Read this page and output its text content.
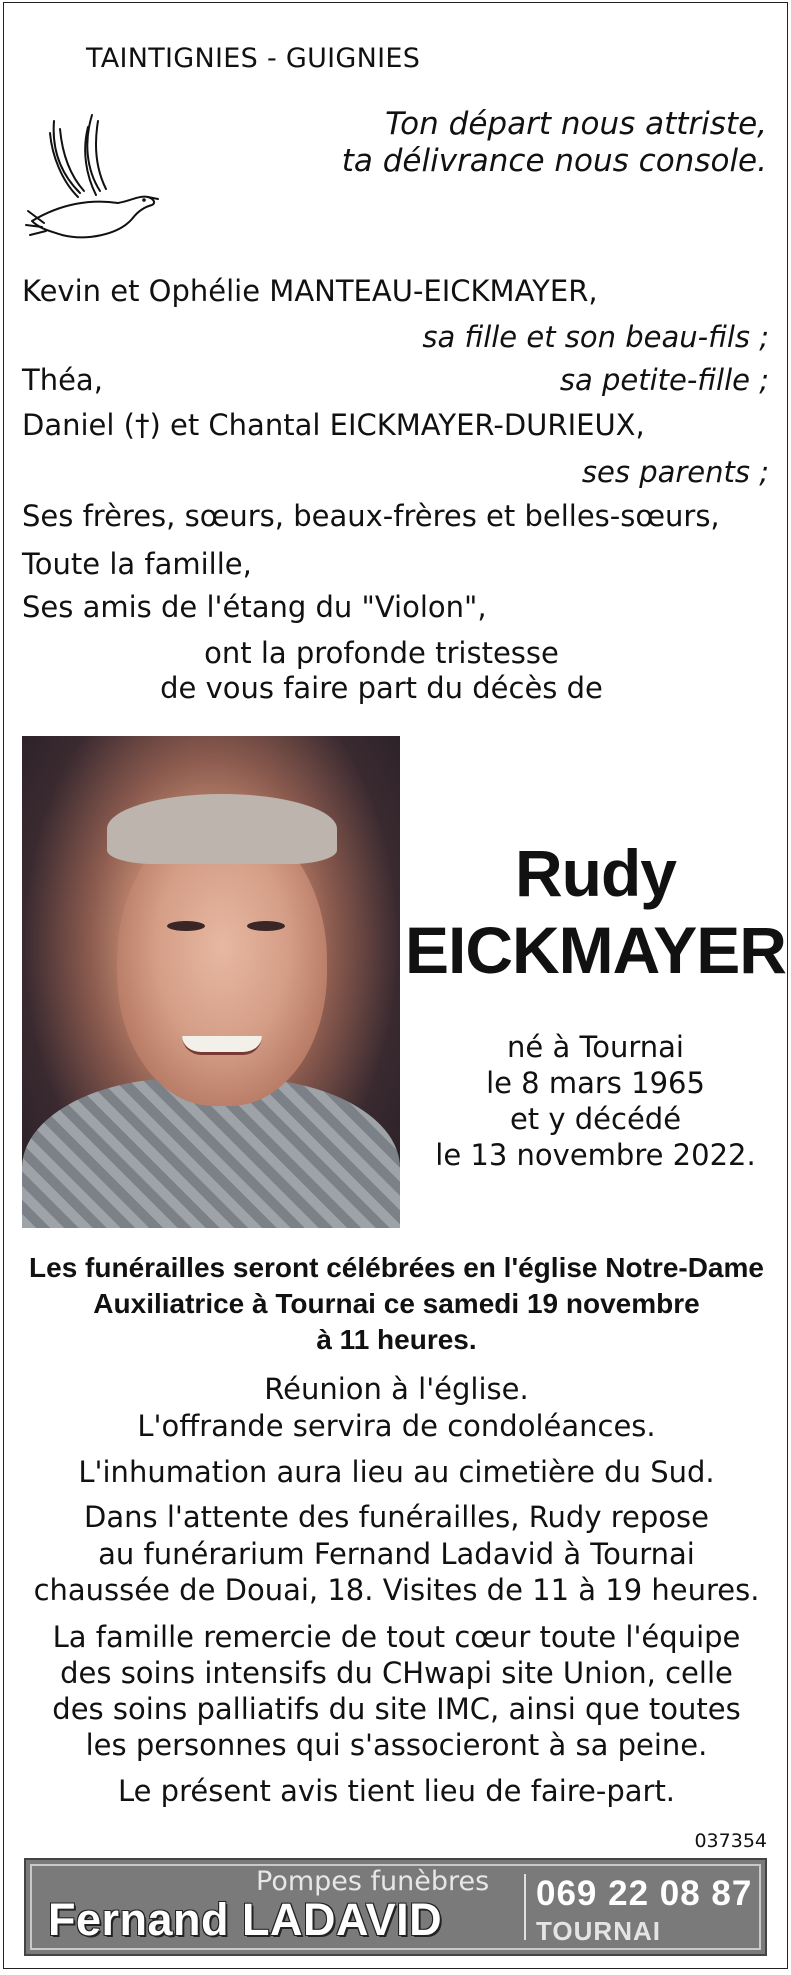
TAINTIGNIES - GUIGNIES
Ton départ nous attriste,
ta délivrance nous console.
Kevin et Ophélie MANTEAU-EICKMAYER,
sa fille et son beau-fils ;
Théa,	sa petite-fille ;
Daniel (†) et Chantal EICKMAYER-DURIEUX,
ses parents ;
Ses frères, sœurs, beaux-frères et belles-sœurs,
Toute la famille,
Ses amis de l'étang du "Violon",
ont la profonde tristesse
de vous faire part du décès de
Rudy
EICKMAYER
né à Tournai
le 8 mars 1965
et y décédé
le 13 novembre 2022.
Les funérailles seront célébrées en l'église Notre-Dame
Auxiliatrice à Tournai ce samedi 19 novembre
à 11 heures.
Réunion à l'église.
L'offrande servira de condoléances.
L'inhumation aura lieu au cimetière du Sud.
Dans l'attente des funérailles, Rudy repose
au funérarium Fernand Ladavid à Tournai
chaussée de Douai, 18. Visites de 11 à 19 heures.
La famille remercie de tout cœur toute l'équipe
des soins intensifs du CHwapi site Union, celle
des soins palliatifs du site IMC, ainsi que toutes
les personnes qui s'associeront à sa peine.
Le présent avis tient lieu de faire-part.
037354
Pompes funèbres
Fernand LADAVID
069 22 08 87
TOURNAI
